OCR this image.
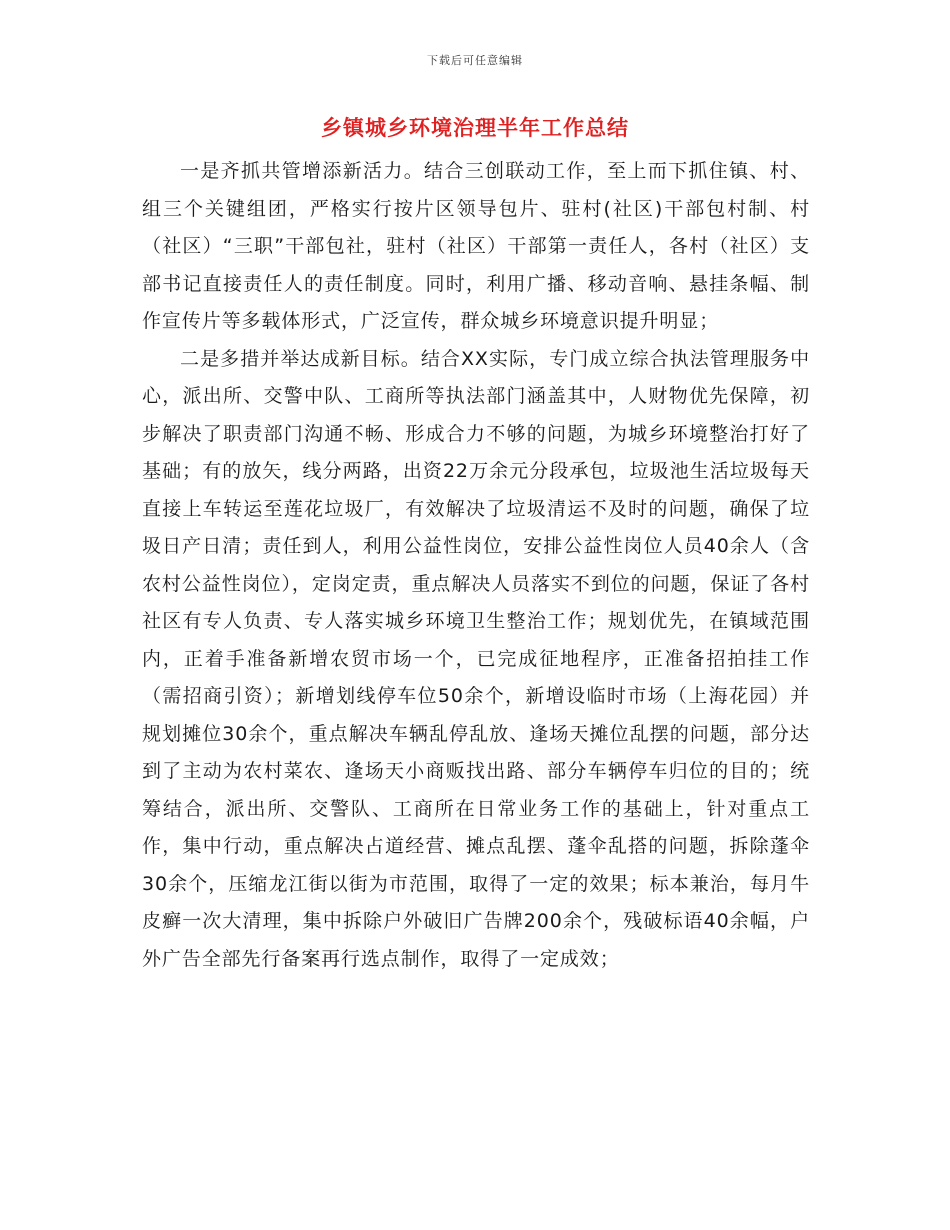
下载后可任意编辑
乡镇城乡环境治理半年工作总结

一是齐抓共管增添新活力。结合三创联动工作，至上而下抓住镇、村、组三个关键组团，严格实行按片区领导包片、驻村(社区)干部包村制、村（社区）“三职”干部包社，驻村（社区）干部第一责任人，各村（社区）支部书记直接责任人的责任制度。同时，利用广播、移动音响、悬挂条幅、制作宣传片等多载体形式，广泛宣传，群众城乡环境意识提升明显；

二是多措并举达成新目标。结合XX实际，专门成立综合执法管理服务中心，派出所、交警中队、工商所等执法部门涵盖其中，人财物优先保障，初步解决了职责部门沟通不畅、形成合力不够的问题，为城乡环境整治打好了基础；有的放矢，线分两路，出资22万余元分段承包，垃圾池生活垃圾每天直接上车转运至莲花垃圾厂，有效解决了垃圾清运不及时的问题，确保了垃圾日产日清；责任到人，利用公益性岗位，安排公益性岗位人员40余人（含农村公益性岗位），定岗定责，重点解决人员落实不到位的问题，保证了各村社区有专人负责、专人落实城乡环境卫生整治工作；规划优先，在镇域范围内，正着手准备新增农贸市场一个，已完成征地程序，正准备招拍挂工作（需招商引资）；新增划线停车位50余个，新增设临时市场（上海花园）并规划摊位30余个，重点解决车辆乱停乱放、逢场天摊位乱摆的问题，部分达到了主动为农村菜农、逢场天小商贩找出路、部分车辆停车归位的目的；统筹结合，派出所、交警队、工商所在日常业务工作的基础上，针对重点工作，集中行动，重点解决占道经营、摊点乱摆、蓬伞乱搭的问题，拆除蓬伞30余个，压缩龙江街以街为市范围，取得了一定的效果；标本兼治，每月牛皮癣一次大清理，集中拆除户外破旧广告牌200余个，残破标语40余幅，户外广告全部先行备案再行选点制作，取得了一定成效；
